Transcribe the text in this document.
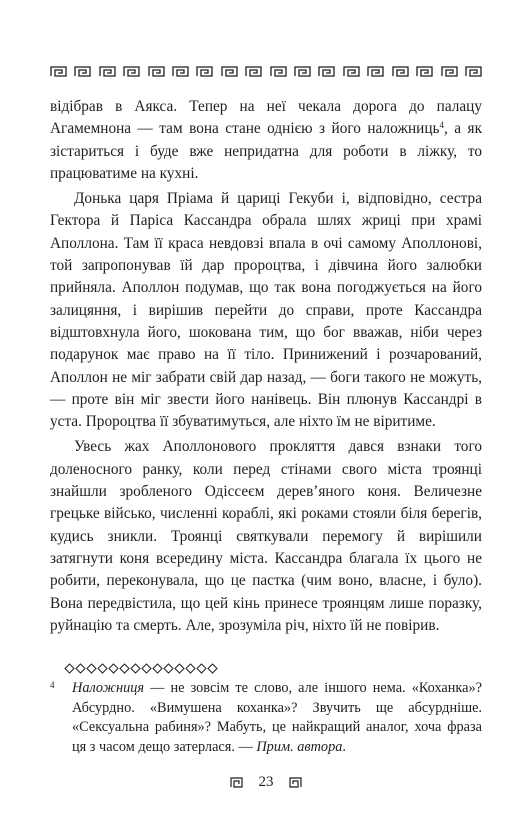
відібрав в Аякса. Тепер на неї чекала дорога до палацу Агамемнона — там вона стане однією з його наложниць$^4$, а як зістариться і буде вже непридатна для роботи в ліжку, то працюватиме на кухні.

Донька царя Пріама й цариці Гекуби і, відповідно, сестра Гектора й Паріса Кассандра обрала шлях жриці при храмі Аполлона. Там її краса невдовзі впала в очі самому Аполлонові, той запропонував їй дар пророцтва, і дівчина його залюбки прийняла. Аполлон подумав, що так вона погоджується на його залицяння, і вирішив перейти до справи, проте Кассандра відштовхнула його, шокована тим, що бог вважав, ніби через подарунок має право на її тіло. Принижений і розчарований, Аполлон не міг забрати свій дар назад, — боги такого не можуть, — проте він міг звести його нанівець. Він плюнув Кассандрі в уста. Пророцтва її збуватимуться, але ніхто їм не віритиме.

Увесь жах Аполлонового прокляття дався взнаки того доленосного ранку, коли перед стінами свого міста троянці знайшли зробленого Одіссеєм дерев’яного коня. Величезне грецьке військо, численні кораблі, які роками стояли біля берегів, кудись зникли. Троянці святкували перемогу й вирішили затягнути коня всередину міста. Кассандра благала їх цього не робити, переконувала, що це пастка (чим воно, власне, і було). Вона передвістила, що цей кінь принесе троянцям лише поразку, руйнацію та смерть. Але, зрозуміла річ, ніхто їй не повірив.

4 Наложниця — не зовсім те слово, але іншого нема. «Коханка»? Абсурдно. «Вимушена коханка»? Звучить ще абсурдніше. «Сексуальна рабиня»? Мабуть, це найкращий аналог, хоча фраза ця з часом дещо затерлася. — Прим. автора.
23
